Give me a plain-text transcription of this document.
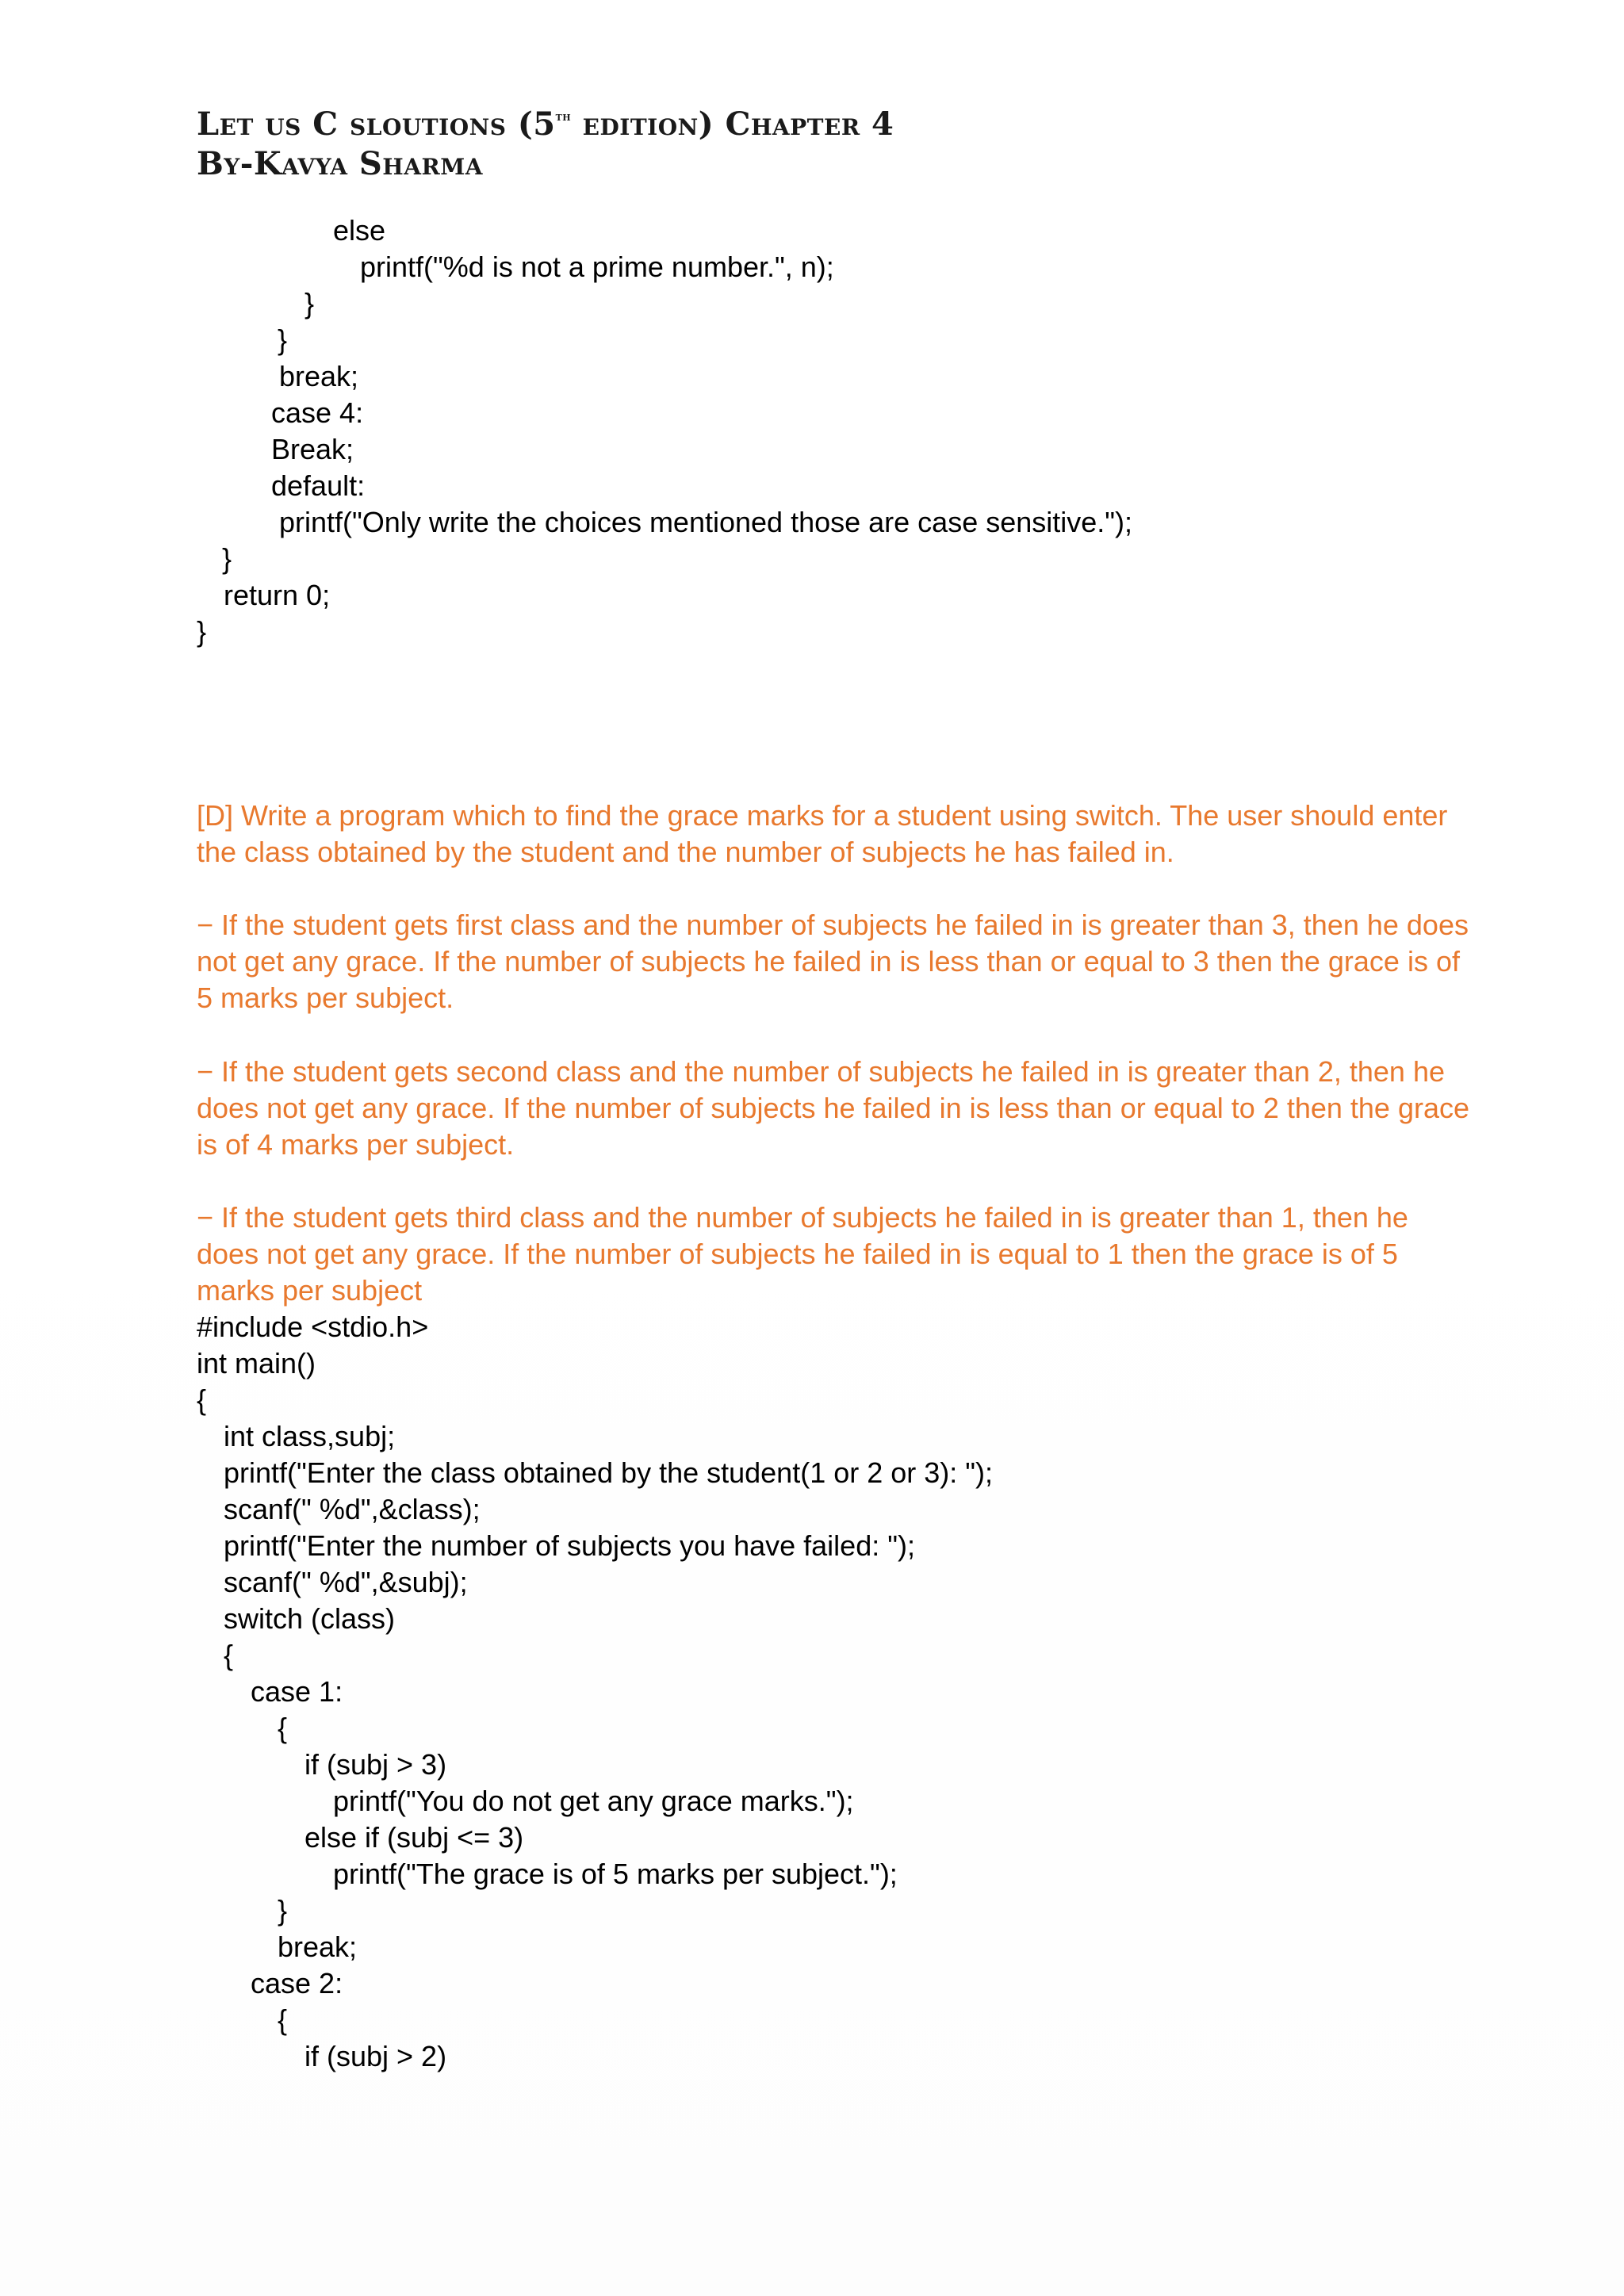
Let us C sloutions (5th edition) Chapter 4
By-Kavya Sharma
else
printf("%d is not a prime number.", n);
}
}
break;
case 4:
Break;
default:
printf("Only write the choices mentioned those are case sensitive.");
}
return 0;
}
[D] Write a program which to find the grace marks for a student using switch. The user should enter
the class obtained by the student and the number of subjects he has failed in.
− If the student gets first class and the number of subjects he failed in is greater than 3, then he does
not get any grace. If the number of subjects he failed in is less than or equal to 3 then the grace is of
5 marks per subject.
− If the student gets second class and the number of subjects he failed in is greater than 2, then he
does not get any grace. If the number of subjects he failed in is less than or equal to 2 then the grace
is of 4 marks per subject.
− If the student gets third class and the number of subjects he failed in is greater than 1, then he
does not get any grace. If the number of subjects he failed in is equal to 1 then the grace is of 5
marks per subject
#include <stdio.h>
int main()
{
int class,subj;
printf("Enter the class obtained by the student(1 or 2 or 3): ");
scanf(" %d",&class);
printf("Enter the number of subjects you have failed: ");
scanf(" %d",&subj);
switch (class)
{
case 1:
{
if (subj > 3)
printf("You do not get any grace marks.");
else if (subj <= 3)
printf("The grace is of 5 marks per subject.");
}
break;
case 2:
{
if (subj > 2)
